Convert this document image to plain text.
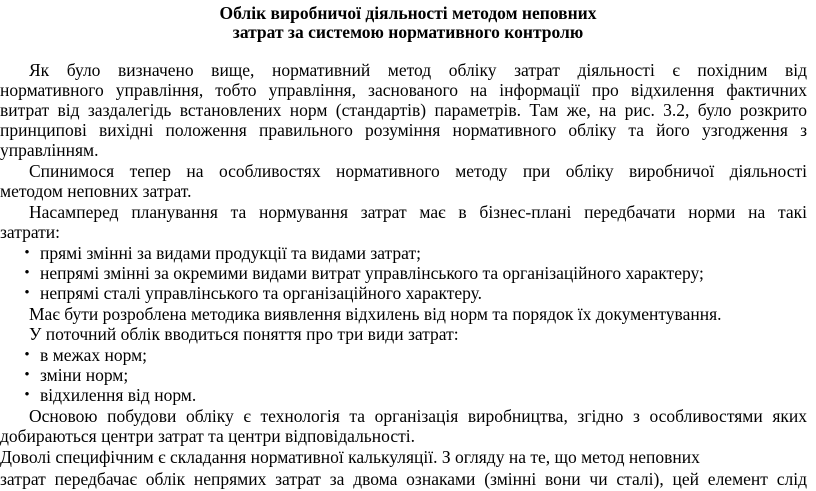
Облік виробничої діяльності методом неповних
затрат за системою нормативного контролю
Як було визначено вище, нормативний метод обліку затрат діяльності є похідним від
нормативного управління, тобто управління, заснованого на інформації про відхилення фактичних
витрат від заздалегідь встановлених норм (стандартів) параметрів. Там же, на рис. 3.2, було розкрито
принципові вихідні положення правильного розуміння нормативного обліку та його узгодження з
управлінням.
Спинимося тепер на особливостях нормативного методу при обліку виробничої діяльності
методом неповних затрат.
Насамперед планування та нормування затрат має в бізнес-плані передбачати норми на такі
затрати:
• прямі змінні за видами продукції та видами затрат;
• непрямі змінні за окремими видами витрат управлінського та організаційного характеру;
• непрямі сталі управлінського та організаційного характеру.
Має бути розроблена методика виявлення відхилень від норм та порядок їх документування.
У поточний облік вводиться поняття про три види затрат:
• в межах норм;
• зміни норм;
• відхилення від норм.
Основою побудови обліку є технологія та організація виробництва, згідно з особливостями яких
добираються центри затрат та центри відповідальності.
Доволі специфічним є складання нормативної калькуляції. З огляду на те, що метод неповних
затрат передбачає облік непрямих затрат за двома ознаками (змінні вони чи сталі), цей елемент слід
